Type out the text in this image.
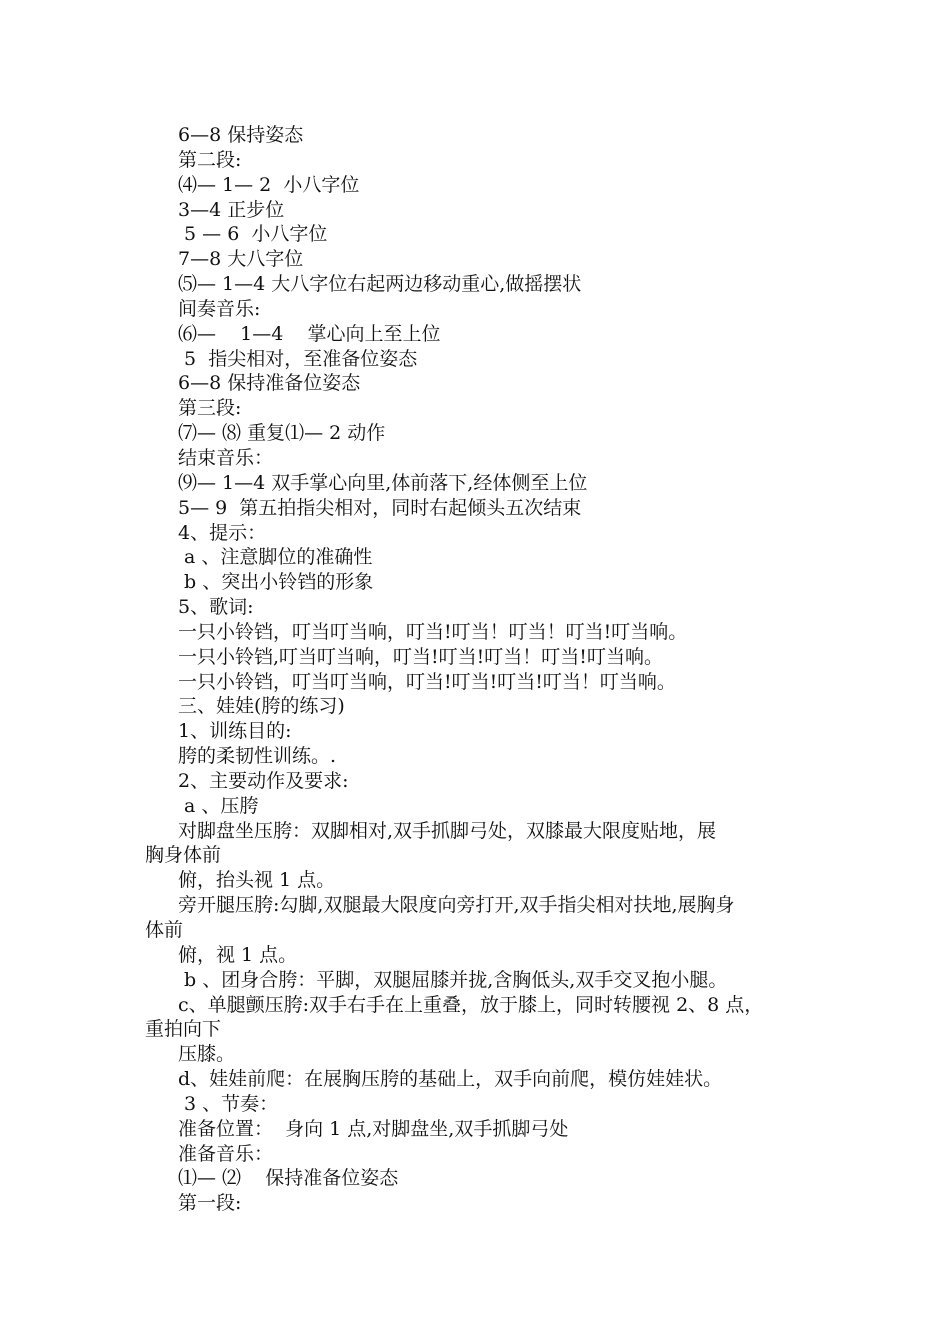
6—8 保持姿态
第二段:
⑷— 1— 2  小八字位
3—4 正步位
5 — 6  小八字位
7—8 大八字位
⑸— 1—4 大八字位右起两边移动重心,做摇摆状
间奏音乐:
⑹—    1—4    掌心向上至上位
5  指尖相对，至准备位姿态
6—8 保持准备位姿态
第三段:
⑺— ⑻ 重复⑴— 2 动作
结束音乐：
⑼— 1—4 双手掌心向里,体前落下,经体侧至上位
5— 9  第五拍指尖相对，同时右起倾头五次结束
4、提示：
a 、注意脚位的准确性
b 、突出小铃铛的形象
5、歌词:
一只小铃铛，叮当叮当响，叮当!叮当！叮当！叮当!叮当响。
一只小铃铛,叮当叮当响，叮当!叮当!叮当！叮当!叮当响。
一只小铃铛，叮当叮当响，叮当!叮当!叮当!叮当！叮当响。
三、娃娃(胯的练习)
1、训练目的:
胯的柔韧性训练。.
2、主要动作及要求:
a 、压胯
对脚盘坐压胯：双脚相对,双手抓脚弓处，双膝最大限度贴地，展
胸身体前
俯，抬头视 1 点。
旁开腿压胯:勾脚,双腿最大限度向旁打开,双手指尖相对扶地,展胸身
体前
俯，视 1 点。
b 、团身合胯：平脚，双腿屈膝并拢,含胸低头,双手交叉抱小腿。
c、单腿颤压胯:双手右手在上重叠，放于膝上，同时转腰视 2、8 点，
重拍向下
压膝。
d、娃娃前爬：在展胸压胯的基础上，双手向前爬，模仿娃娃状。
3 、节奏：
准备位置：  身向 1 点,对脚盘坐,双手抓脚弓处
准备音乐：
⑴— ⑵    保持准备位姿态
第一段:
